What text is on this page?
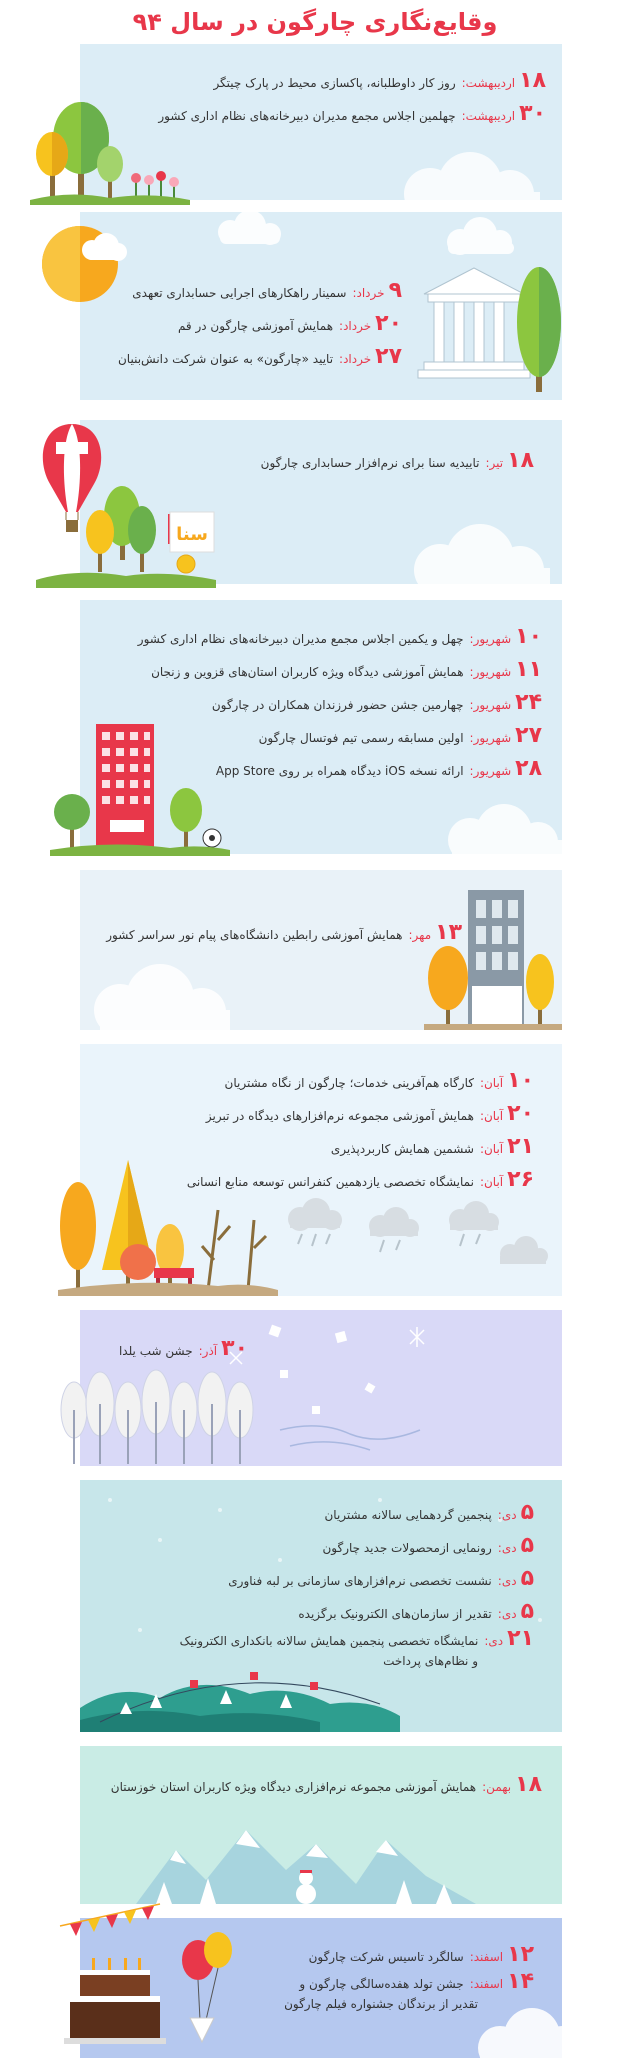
وقایع‌نگاری چارگون در سال ۹۴
۱۸اردیبهشت:روز کار داوطلبانه، پاکسازی محیط در پارک چیتگر
۳۰اردیبهشت:چهلمین اجلاس مجمع مدیران دبیرخانه‌های نظام اداری کشور
۹خرداد:سمینار راهکارهای اجرایی حسابداری تعهدی
۲۰خرداد:همایش آموزشی چارگون در قم
۲۷خرداد:تایید «چارگون» به عنوان شرکت دانش‌بنیان
۱۸تیر:تاییدیه سنا برای نرم‌افزار حسابداری چارگون
سنا
۱۰شهریور:چهل و یکمین اجلاس مجمع مدیران دبیرخانه‌های نظام اداری کشور
۱۱شهریور:همایش آموزشی دیدگاه ویژه کاربران استان‌های قزوین و زنجان
۲۴شهریور:چهارمین جشن حضور فرزندان همکاران در چارگون
۲۷شهریور:اولین مسابقه رسمی تیم فوتسال چارگون
۲۸شهریور:ارائه نسخه iOS دیدگاه همراه بر روی App Store
۱۳مهر:همایش آموزشی رابطین دانشگاه‌های پیام نور سراسر کشور
۱۰آبان:کارگاه هم‌آفرینی خدمات؛ چارگون از نگاه مشتریان
۲۰آبان:همایش آموزشی مجموعه نرم‌افزارهای دیدگاه در تبریز
۲۱آبان:ششمین همایش کاربردپذیری
۲۶آبان:نمایشگاه تخصصی یازدهمین کنفرانس توسعه منابع انسانی
۳۰آذر:جشن شب یلدا
۵دی:پنجمین گردهمایی سالانه مشتریان
۵دی:رونمایی ازمحصولات جدید چارگون
۵دی:نشست تخصصی نرم‌افزارهای سازمانی بر لبه فناوری
۵دی:تقدیر از سازمان‌های الکترونیک برگزیده
۲۱دی:نمایشگاه تخصصی پنجمین همایش سالانه بانکداری الکترونیک
و نظام‌های پرداخت
۱۸بهمن:همایش آموزشی مجموعه نرم‌افزاری دیدگاه ویژه کاربران استان خوزستان
۱۲اسفند:سالگرد تاسیس شرکت چارگون
۱۴اسفند:جشن تولد هفده‌سالگی چارگون و
تقدیر از برندگان جشنواره فیلم چارگون
